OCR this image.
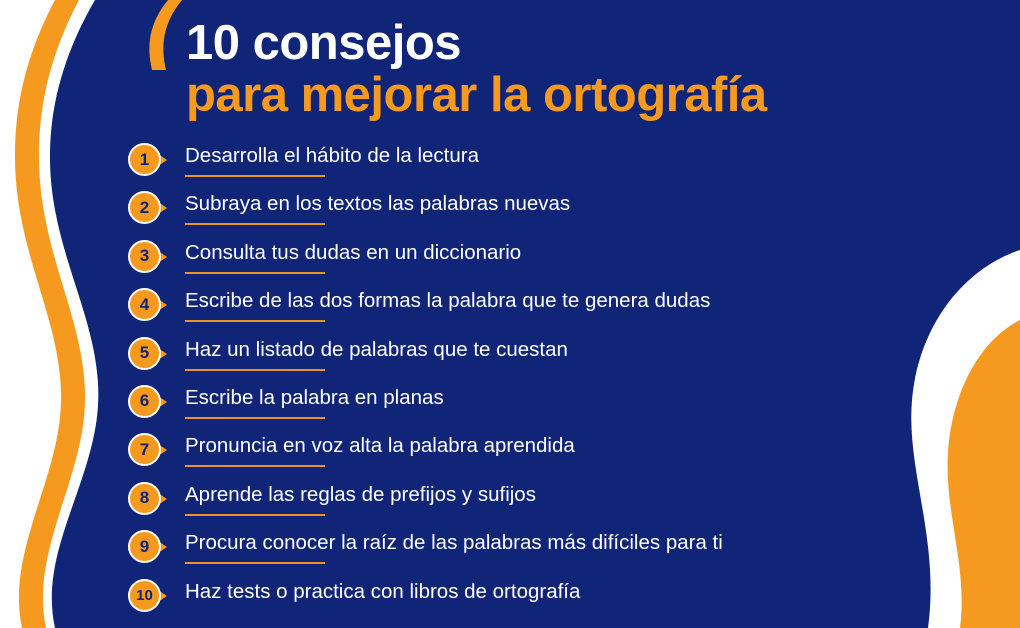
10 consejos
para mejorar la ortografía
1	Desarrolla el hábito de la lectura
2	Subraya en los textos las palabras nuevas
3	Consulta tus dudas en un diccionario
4	Escribe de las dos formas la palabra que te genera dudas
5	Haz un listado de palabras que te cuestan
6	Escribe la palabra en planas
7	Pronuncia en voz alta la palabra aprendida
8	Aprende las reglas de prefijos y sufijos
9	Procura conocer la raíz de las palabras más difíciles para ti
10	Haz tests o practica con libros de ortografía
